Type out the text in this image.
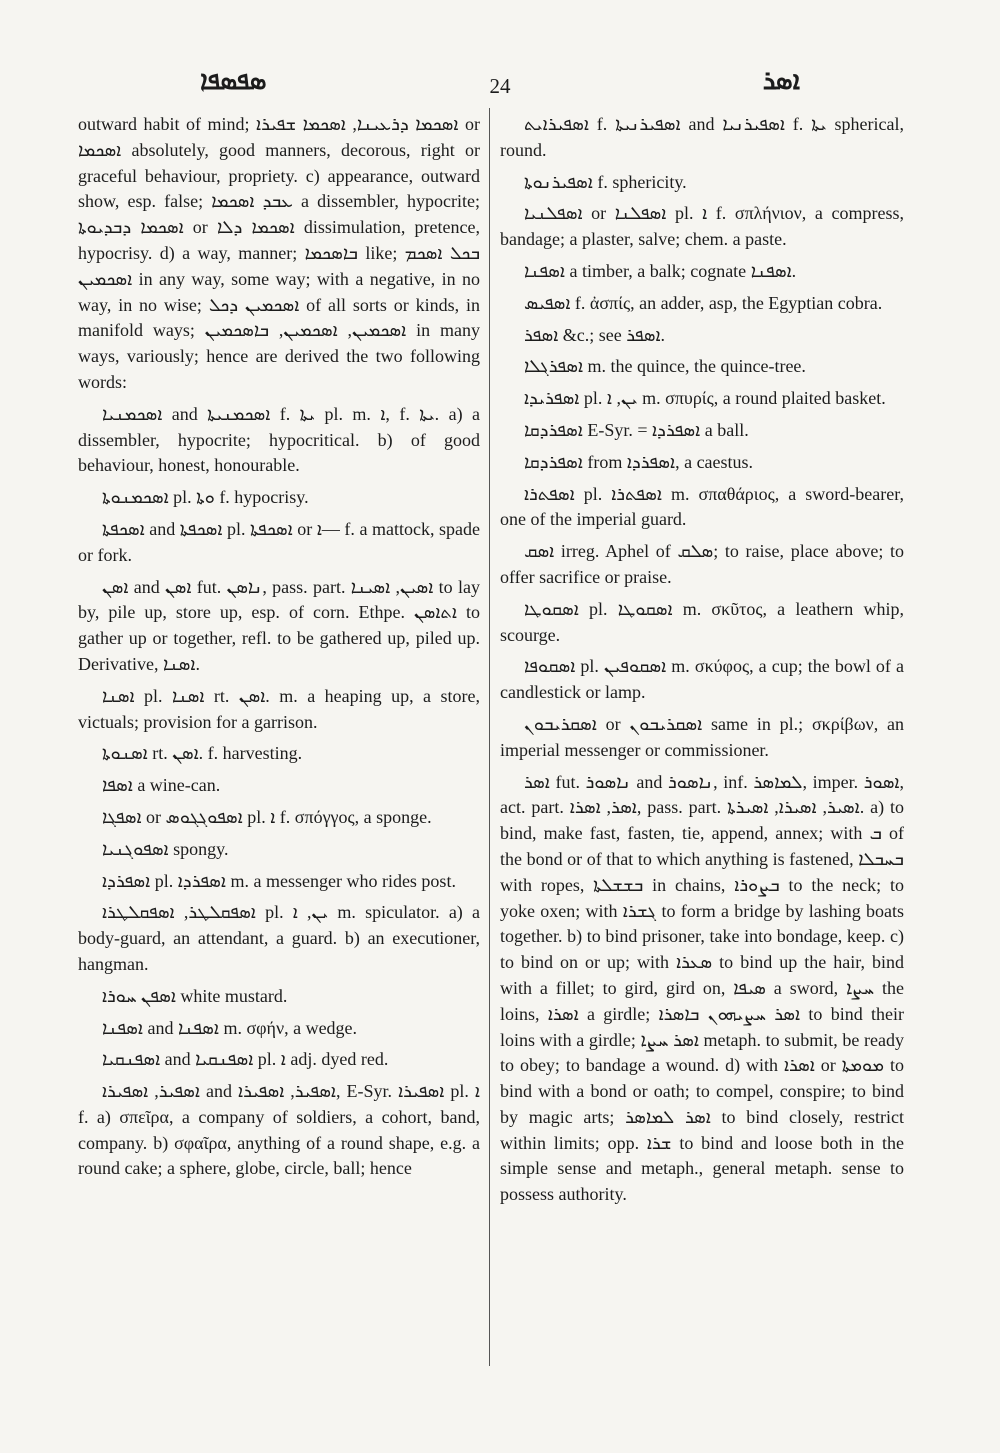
ܣܦܣܦܐ	24	ܐܣܪ

outward habit of mind; ܐܣܟܡܐ ܕܪܥܝܢܐ, ܐܣܟܡܐ ܫܦܝܪܐ or ܐܣܟܡܐ absolutely, good manners, decorous, right or graceful behaviour, propriety. c) appearance, outward show, esp. false; ܥܒܕ ܐܣܟܡܐ a dissembler, hypocrite; ܐܣܟܡܐ ܕܒܕܝܘܬܐ or ܐܣܟܡܐ ܕܠܐ dissimulation, pretence, hypocrisy. d) a way, manner; ܒܐܣܟܡܐ like; ܒܟܠ ܐܣܟܡ ܐܣܟܡܝܢ in any way, some way; with a negative, in no way, in no wise; ܐܣܟܡܝܢ ܕܟܠ of all sorts or kinds, in manifold ways; ܐܣܟܡܝܢ, ܐܣܟܡܝܢ, ܒܐܣܟܡܝܢ in many ways, variously; hence are derived the two following words:

ܐܣܟܡܢܝܐ and ܐܣܟܡܢܝܬܐ f. ܝܬܐ pl. m. ܐ, f. ܝܬܐ. a) a dissembler, hypocrite; hypocritical. b) of good behaviour, honest, honourable.

ܐܣܟܡܢܘܬܐ pl. ܘܬܐ f. hypocrisy.

ܐܣܟܦܬܐ and ܐܣܟܦܬܐ pl. ܐܣܟܦܬܐ or ܐ— f. a mattock, spade or fork.

ܐܣܢ and ܐܣܢ fut. ܢܐܣܢ, pass. part. ܐܣܝܢ, ܐܣܝܢܐ to lay by, pile up, store up, esp. of corn. Ethpe. ܐܬܐܣܢ to gather up or together, refl. to be gathered up, piled up. Derivative, ܐܣܢܐ.

ܐܣܢܐ pl. ܐܣܢܐ rt. ܐܣܢ. m. a heaping up, a store, victuals; provision for a garrison.

ܐܣܢܘܬܐ rt. ܐܣܢ. f. harvesting.

ܐܣܦܐ a wine-can.

ܐܣܦܓܐ or ܐܣܦܘܓܓܘܣ pl. ܐ f. σπόγγος, a sponge.

ܐܣܦܘܓܢܝܐ spongy.

ܐܣܦܪܕܐ pl. ܐܣܦܪܕܐ m. a messenger who rides post.

ܐܣܦܩܠܛܪ, ܐܣܦܩܠܛܪܐ pl. ܝܢ, ܐ m. spiculator. a) a body-guard, an attendant, a guard. b) an executioner, hangman.

ܐܣܦܢ ܚܘܪܐ white mustard.

ܐܣܦܢܐ and ܐܣܦܢܐ m. σφήν, a wedge.

ܐܣܦܢܩܝܐ and ܐܣܦܢܩܝܐ pl. ܐ adj. dyed red.

ܐܣܦܝܪ, ܐܣܦܝܪܐ and ܐܣܦܝܪ, ܐܣܦܝܪܐ, E-Syr. ܐܣܦܝܪܐ pl. ܐ f. a) σπεῖρα, a company of soldiers, a cohort, band, company. b) σφαῖρα, anything of a round shape, e.g. a round cake; a sphere, globe, circle, ball; hence

ܐܣܦܝܪܐܝܬ f. ܐܣܦܝܪܢܝܬܐ and ܐܣܦܝܪܢܝܐ f. ܝܬܐ spherical, round.

ܐܣܦܝܪܢܘܬܐ f. sphericity.

ܐܣܦܠܢܝܐ or ܐܣܦܠܢܐ pl. ܐ f. σπλήνιον, a compress, bandage; a plaster, salve; chem. a paste.

ܐܣܦܢܐ a timber, a balk; cognate ܐܣܦܢܐ.

ܐܣܦܝܣ f. ἀσπίς, an adder, asp, the Egyptian cobra.

ܐܣܦܪ &c.; see ܐܣܦܪ.

ܐܣܦܪܓܠܐ m. the quince, the quince-tree.

ܐܣܦܪܝܕܐ pl. ܝܢ, ܐ m. σπυρίς, a round plaited basket.

ܐܣܦܪܕܩܐ E-Syr. = ܐܣܦܪܕܐ a ball.

ܐܣܦܪܕܩܐ from ܐܣܦܪܕܐ, a caestus.

ܐܣܦܬܪܐ pl. ܐܣܦܬܪܐ m. σπαθάριος, a sword-bearer, one of the imperial guard.

ܐܣܩ irreg. Aphel of ܣܠܩ; to raise, place above; to offer sacrifice or praise.

ܐܣܩܘܛܐ pl. ܐܣܩܘܛܐ m. σκῦτος, a leathern whip, scourge.

ܐܣܩܘܦܐ pl. ܐܣܩܘܦܝܢ m. σκύφος, a cup; the bowl of a candlestick or lamp.

ܐܣܩܪܝܒܘܢ or ܐܣܩܪܝܒܘܢ same in pl.; σκρίβων, an imperial messenger or commissioner.

ܐܣܪ fut. ܢܐܣܘܪ and ܢܐܣܘܪ, inf. ܠܡܐܣܪ, imper. ܐܣܘܪ, act. part. ܐܣܪ, ܐܣܪܐ, pass. part. ܐܣܝܪ, ܐܣܝܪܐ, ܐܣܝܪܬܐ. a) to bind, make fast, fasten, tie, append, annex; with ܒ of the bond or of that to which anything is fastened, ܒܚܒܠܐ with ropes, ܒܫܫܠܬܐ in chains, ܒܨܘܪܐ to the neck; to yoke oxen; with ܓܫܪܐ to form a bridge by lashing boats together. b) to bind prisoner, take into bondage, keep. c) to bind on or up; with ܣܥܪܐ to bind up the hair, bind with a fillet; to gird, gird on, ܣܝܦܐ a sword, ܚܨܐ the loins, ܐܣܪܐ a girdle; ܐܣܪ ܚܨܝܗܘܢ ܒܐܣܪܐ to bind their loins with a girdle; ܐܣܪ ܚܨܐ metaph. to submit, be ready to obey; to bandage a wound. d) with ܐܣܪܐ or ܡܘܡܬܐ to bind with a bond or oath; to compel, conspire; to bind by magic arts; ܐܣܪ ܠܡܐܣܪ to bind closely, restrict within limits; opp. ܫܪܐ to bind and loose both in the simple sense and metaph., general metaph. sense to possess authority.
